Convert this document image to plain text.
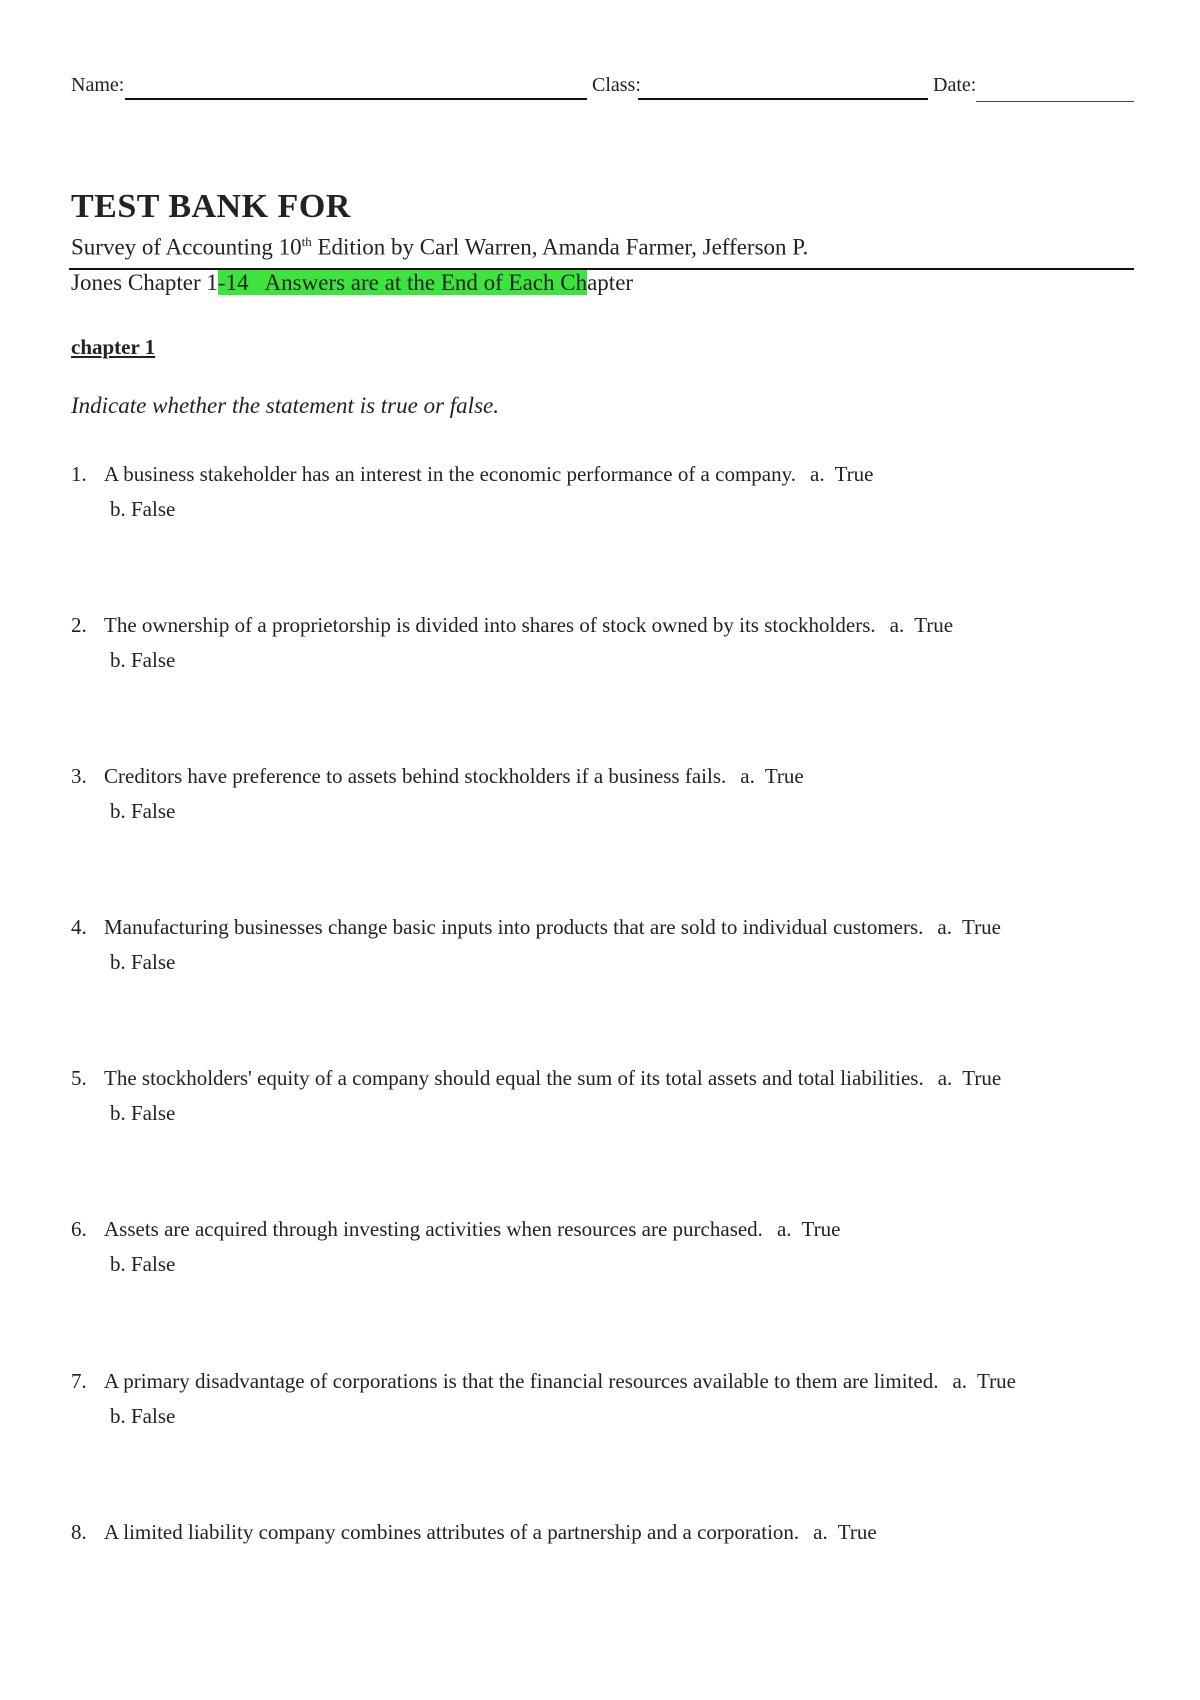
Name:	Class:	Date:
TEST BANK FOR
Survey of Accounting 10th Edition by Carl Warren, Amanda Farmer, Jefferson P.
Jones Chapter 1-14   Answers are at the End of Each Chapter
chapter 1
Indicate whether the statement is true or false.
1. A business stakeholder has an interest in the economic performance of a company. a. True
b. False
2. The ownership of a proprietorship is divided into shares of stock owned by its stockholders. a. True
b. False
3. Creditors have preference to assets behind stockholders if a business fails. a. True
b. False
4. Manufacturing businesses change basic inputs into products that are sold to individual customers. a. True
b. False
5. The stockholders' equity of a company should equal the sum of its total assets and total liabilities. a. True
b. False
6. Assets are acquired through investing activities when resources are purchased. a. True
b. False
7. A primary disadvantage of corporations is that the financial resources available to them are limited. a. True
b. False
8. A limited liability company combines attributes of a partnership and a corporation. a. True
